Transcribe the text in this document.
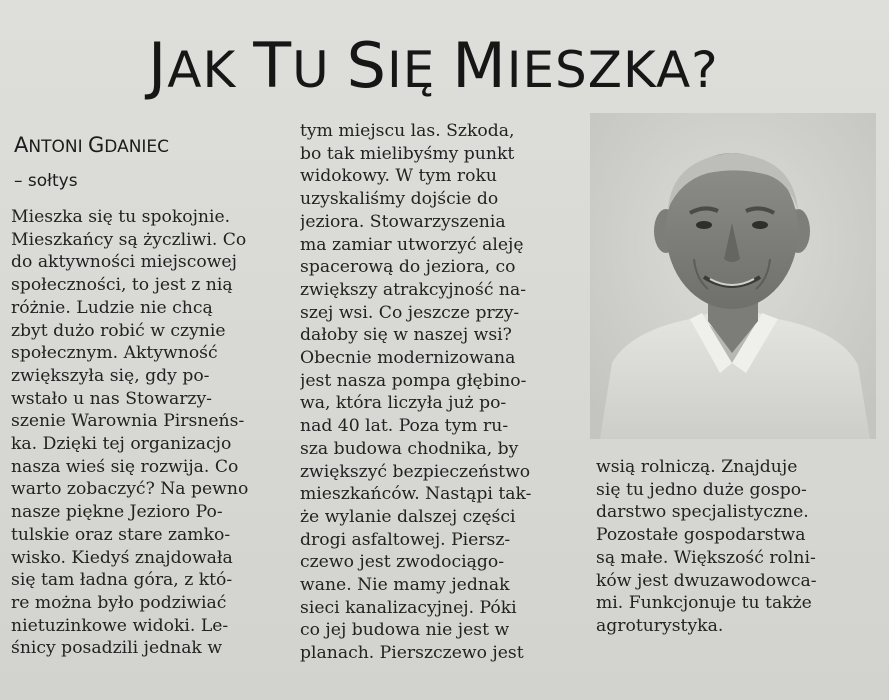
JAK TU SIĘ MIESZKA?
ANTONI GDANIEC
– sołtys
Mieszka się tu spokojnie.
Mieszkańcy są życzliwi. Co
do aktywności miejscowej
społeczności, to jest z nią
różnie. Ludzie nie chcą
zbyt dużo robić w czynie
społecznym. Aktywność
zwiększyła się, gdy po-
wstało u nas Stowarzy-
szenie Warownia Pirsneńs-
ka. Dzięki tej organizacjo
nasza wieś się rozwija. Co
warto zobaczyć? Na pewno
nasze piękne Jezioro Po-
tulskie oraz stare zamko-
wisko. Kiedyś znajdowała
się tam ładna góra, z któ-
re można było podziwiać
nietuzinkowe widoki. Le-
śnicy posadzili jednak w
tym miejscu las. Szkoda,
bo tak mielibyśmy punkt
widokowy. W tym roku
uzyskaliśmy dojście do
jeziora. Stowarzyszenia
ma zamiar utworzyć aleję
spacerową do jeziora, co
zwiększy atrakcyjność na-
szej wsi. Co jeszcze przy-
dałoby się w naszej wsi?
Obecnie modernizowana
jest nasza pompa głębino-
wa, która liczyła już po-
nad 40 lat. Poza tym ru-
sza budowa chodnika, by
zwiększyć bezpieczeństwo
mieszkańców. Nastąpi tak-
że wylanie dalszej części
drogi asfaltowej. Piersz-
czewo jest zwodociągo-
wane. Nie mamy jednak
sieci kanalizacyjnej. Póki
co jej budowa nie jest w
planach. Pierszczewo jest
wsią rolniczą. Znajduje
się tu jedno duże gospo-
darstwo specjalistyczne.
Pozostałe gospodarstwa
są małe. Większość rolni-
ków jest dwuzawodowca-
mi. Funkcjonuje tu także
agroturystyka.
